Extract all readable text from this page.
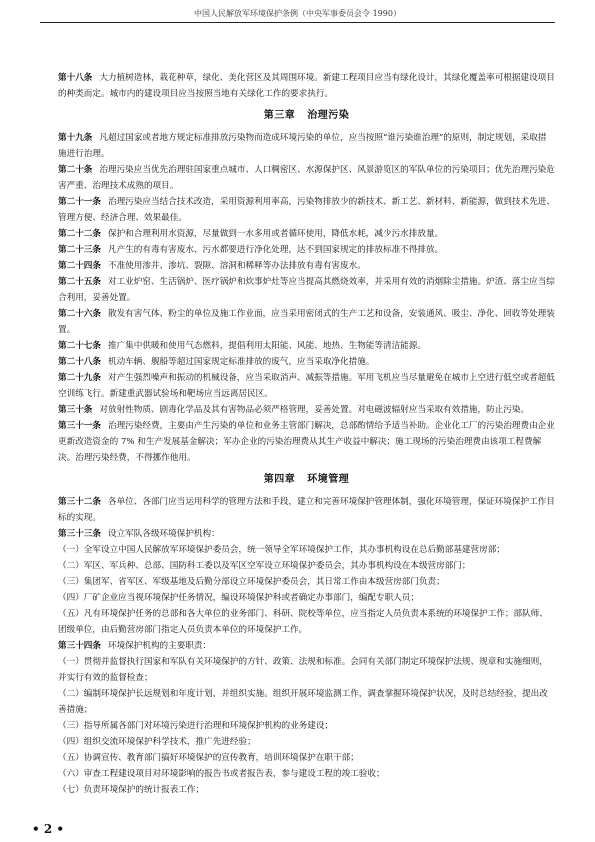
中国人民解放军环境保护条例（中央军事委员会令 1990）

第十八条 大力植树造林，栽花种草，绿化、美化营区及其周围环境。新建工程项目应当有绿化设计，其绿化覆盖率可根据建设项目的种类而定。城市内的建设项目应当按照当地有关绿化工作的要求执行。

第三章 治理污染

第十九条 凡超过国家或者地方规定标准排放污染物而造成环境污染的单位，应当按照“谁污染谁治理”的原则，制定规划，采取措施进行治理。

第二十条 治理污染应当优先治理驻国家重点城市、人口稠密区、水源保护区、风景游览区的军队单位的污染项目；优先治理污染危害严重、治理技术成熟的项目。

第二十一条 治理污染应当结合技术改造，采用资源利用率高，污染物排放少的新技术、新工艺、新材料、新能源，做到技术先进、管理方便、经济合理、效果最佳。

第二十二条 保护和合理利用水资源，尽量做到一水多用或者循环使用，降低水耗，减少污水排放量。

第二十三条 凡产生的有毒有害废水、污水都要进行净化处理，达不到国家规定的排放标准不得排放。

第二十四条 不准使用渗井、渗坑、裂隙、溶洞和稀释等办法排放有毒有害废水。

第二十五条 对工业炉窑、生活锅炉、医疗锅炉和炊事炉灶等应当提高其燃烧效率，并采用有效的消烟除尘措施。炉渣、落尘应当综合利用，妥善处置。

第二十六条 散发有害气体、粉尘的单位及施工作业面，应当采用密闭式的生产工艺和设备，安装通风、吸尘、净化、回收等处理装置。

第二十七条 推广集中供暖和使用气态燃料，提倡利用太阳能、风能、地热、生物能等清洁能源。

第二十八条 机动车辆、舰船等超过国家规定标准排放的废气，应当采取净化措施。

第二十九条 对产生强烈噪声和振动的机械设备，应当采取消声、减振等措施。军用飞机应当尽量避免在城市上空进行低空或者超低空训练飞行。新建重武器试验场和靶场应当远离居民区。

第三十条 对放射性物质、剧毒化学品及其有害物品必须严格管理，妥善处置。对电磁波辐射应当采取有效措施，防止污染。

第三十一条 治理污染经费，主要由产生污染的单位和业务主管部门解决，总部酌情给予适当补助。企业化工厂的污染治理费由企业更新改造资金的 7% 和生产发展基金解决；军办企业的污染治理费从其生产收益中解决；施工现场的污染治理费由该项工程费解决。治理污染经费，不得挪作他用。

第四章 环境管理

第三十二条 各单位、各部门应当运用科学的管理方法和手段，建立和完善环境保护管理体制，强化环境管理，保证环境保护工作目标的实现。

第三十三条 设立军队各级环境保护机构：

（一）全军设立中国人民解放军环境保护委员会，统一领导全军环境保护工作，其办事机构设在总后勤部基建营房部；

（二）军区、军兵种、总部、国防科工委以及军区空军设立环境保护委员会，其办事机构设在本级营房部门；

（三）集团军、省军区、军级基地及后勤分部设立环境保护委员会，其日常工作由本级营房部门负责；

（四）厂矿企业应当视环境保护任务情况，编设环境保护科或者确定办事部门，编配专职人员；

（五）凡有环境保护任务的总部和各大单位的业务部门、科研、院校等单位，应当指定人员负责本系统的环境保护工作；部队师、团级单位，由后勤营房部门指定人员负责本单位的环境保护工作。

第三十四条 环境保护机构的主要职责：

（一）贯彻并监督执行国家和军队有关环境保护的方针、政策、法规和标准。会同有关部门制定环境保护法规、规章和实施细则，并实行有效的监督检查；

（二）编制环境保护长远规划和年度计划，并组织实施。组织开展环境监测工作，调查掌握环境保护状况，及时总结经验，提出改善措施；

（三）指导所属各部门对环境污染进行治理和环境保护机构的业务建设；

（四）组织交流环境保护科学技术，推广先进经验；

（五）协调宣传、教育部门搞好环境保护的宣传教育，培训环境保护在职干部；

（六）审查工程建设项目对环境影响的报告书或者报告表，参与建设工程的竣工验收；

（七）负责环境保护的统计报表工作；

• 2 •
